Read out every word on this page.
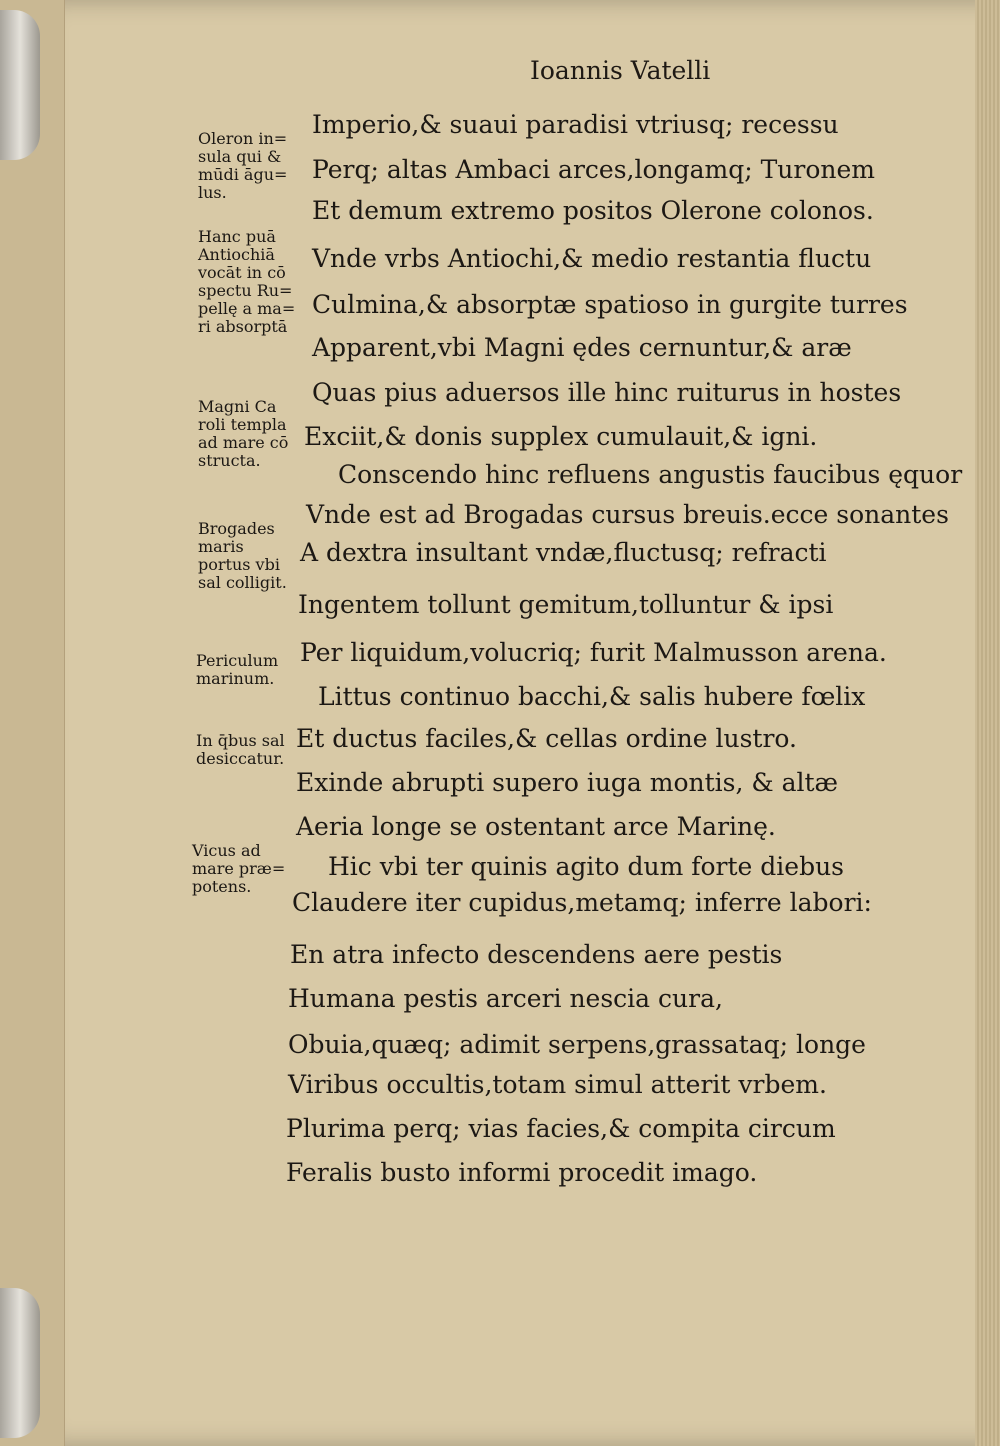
Ioannis Vatelli
Imperio,& suaui paradisi vtriusq; recessu
Perq; altas Ambaci arces,longamq; Turonem
Et demum extremo positos Olerone colonos.
Vnde vrbs Antiochi,& medio restantia fluctu
Culmina,& absorptæ spatioso in gurgite turres
Apparent,vbi Magni ędes cernuntur,& aræ
Quas pius aduersos ille hinc ruiturus in hostes
Exciit,& donis supplex cumulauit,& igni.
Conscendo hinc refluens angustis faucibus ęquor
Vnde est ad Brogadas cursus breuis.ecce sonantes
A dextra insultant vndæ,fluctusq; refracti
Ingentem tollunt gemitum,tolluntur & ipsi
Per liquidum,volucriq; furit Malmusson arena.
Littus continuo bacchi,& salis hubere fœlix
Et ductus faciles,& cellas ordine lustro.
Exinde abrupti supero iuga montis, & altæ
Aeria longe se ostentant arce Marinę.
Hic vbi ter quinis agito dum forte diebus
Claudere iter cupidus,metamq; inferre labori:
En atra infecto descendens aere pestis
Humana pestis arceri nescia cura,
Obuia,quæq; adimit serpens,grassataq; longe
Viribus occultis,totam simul atterit vrbem.
Plurima perq; vias facies,& compita circum
Feralis busto informi procedit imago.
Oleron in=
sula qui &
mūdi āgu=
lus.
Hanc puā
Antiochiā
vocāt in cō
spectu Ru=
pellę a ma=
ri absorptā
Magni Ca
roli templa
ad mare cō
structa.
Brogades
maris
portus vbi
sal colligit.
Periculum
marinum.
In q̄bus sal
desiccatur.
Vicus ad
mare præ=
potens.
